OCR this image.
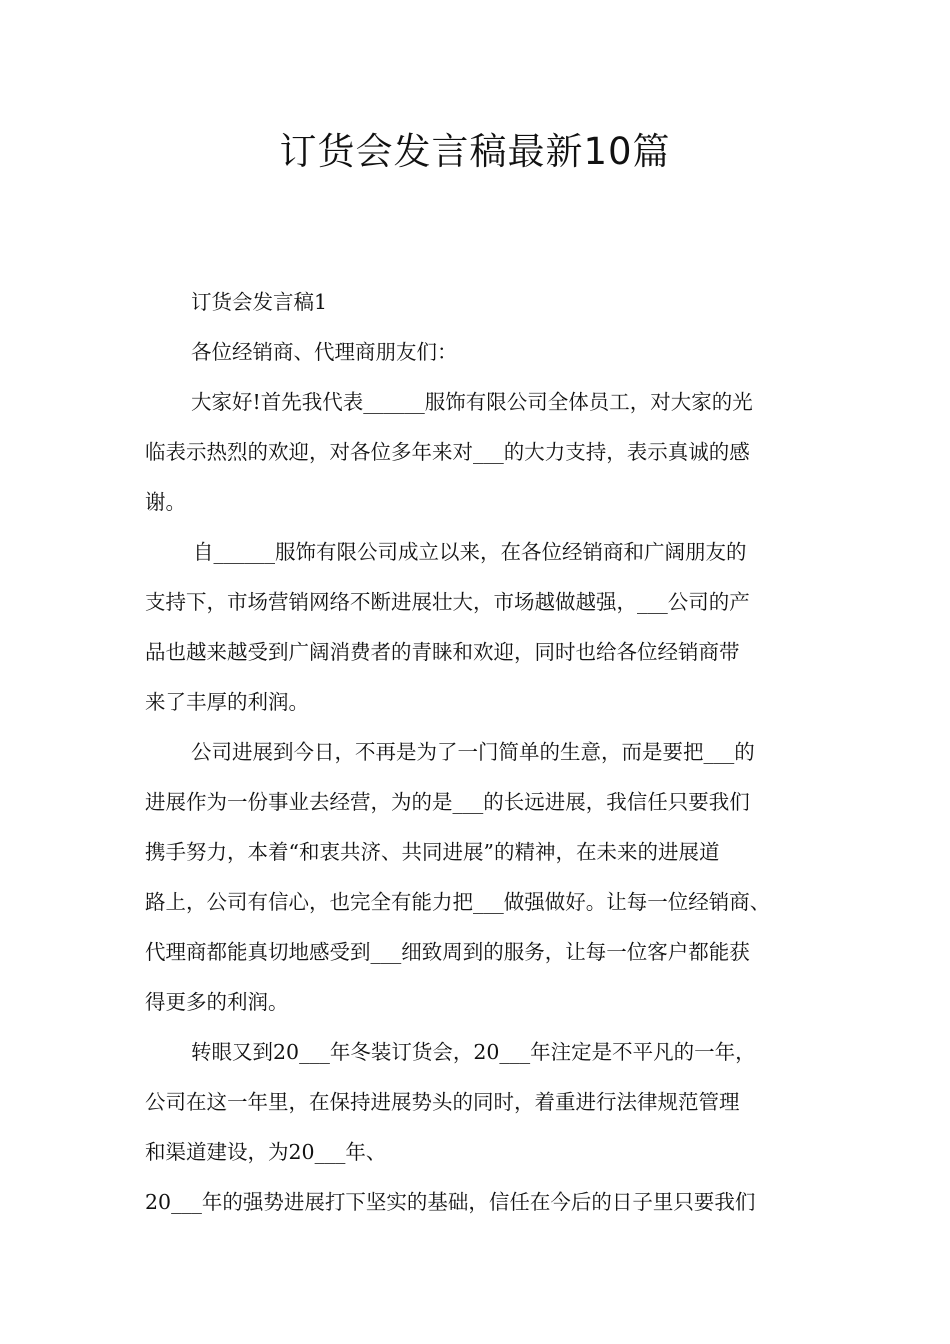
订货会发言稿最新10篇

订货会发言稿1

各位经销商、代理商朋友们：

大家好!首先我代表______服饰有限公司全体员工，对大家的光

临表示热烈的欢迎，对各位多年来对___的大力支持，表示真诚的感

谢。

自______服饰有限公司成立以来，在各位经销商和广阔朋友的

支持下，市场营销网络不断进展壮大，市场越做越强，___公司的产

品也越来越受到广阔消费者的青睐和欢迎，同时也给各位经销商带

来了丰厚的利润。

公司进展到今日，不再是为了一门简单的生意，而是要把___的

进展作为一份事业去经营，为的是___的长远进展，我信任只要我们

携手努力，本着“和衷共济、共同进展”的精神，在未来的进展道

路上，公司有信心，也完全有能力把___做强做好。让每一位经销商、

代理商都能真切地感受到___细致周到的服务，让每一位客户都能获

得更多的利润。

转眼又到20___年冬装订货会，20___年注定是不平凡的一年，

公司在这一年里，在保持进展势头的同时，着重进行法律规范管理

和渠道建设，为20___年、

20___年的强势进展打下坚实的基础，信任在今后的日子里只要我们
